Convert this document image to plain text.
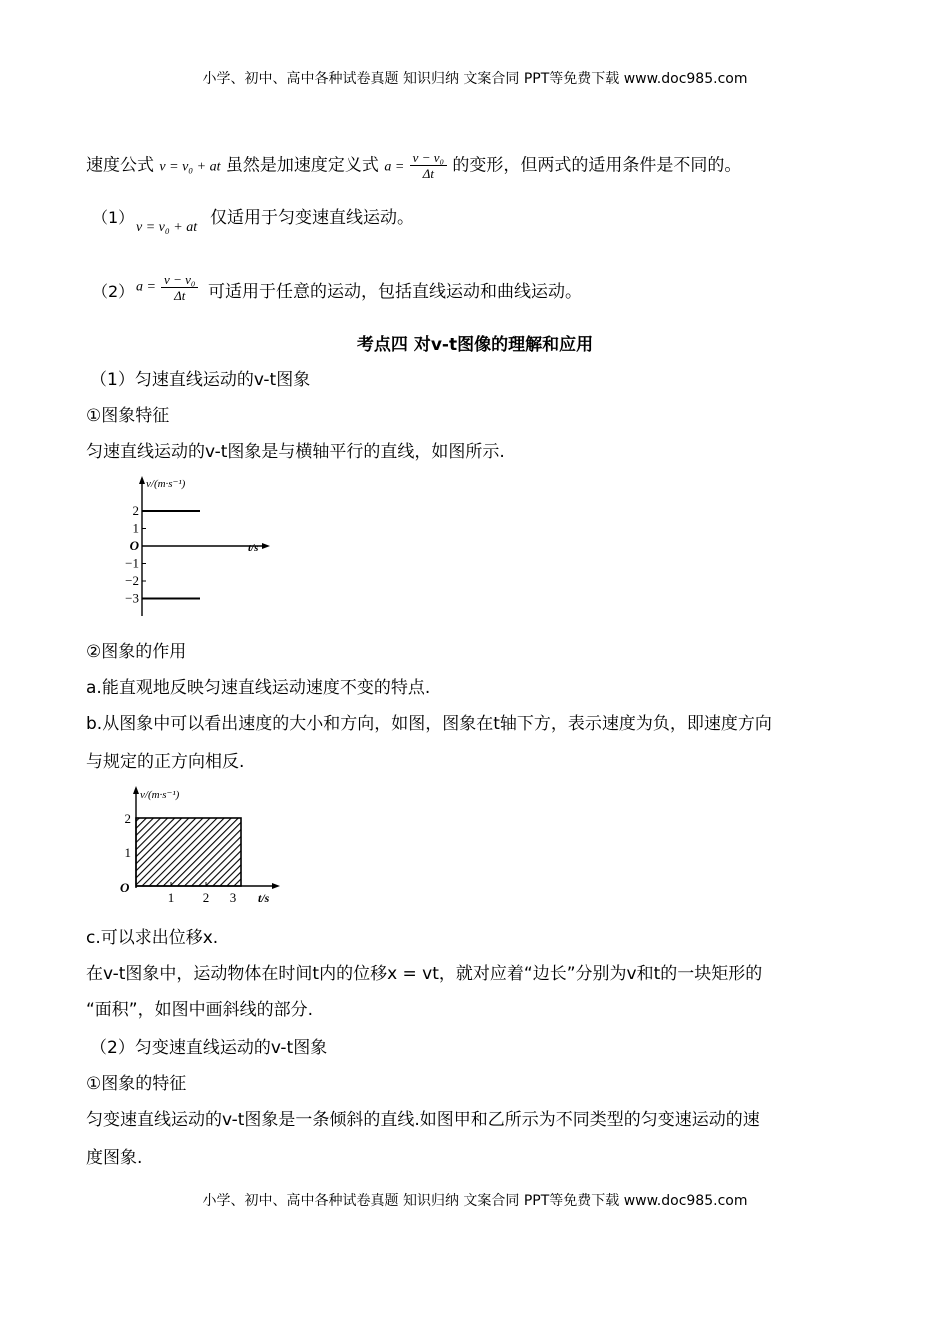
小学、初中、高中各种试卷真题 知识归纳 文案合同 PPT等免费下载 www.doc985.com
速度公式 v = v₀ + at 虽然是加速度定义式 $a = \frac{\text{v − v₀}}{\Delta t}$ 的变形，但两式的适用条件是不同的。
（1）
v = v₀ + at 仅适用于匀变速直线运动。
（2） $a = \frac{\text{v − v₀}}{\Delta t}$ 可适用于任意的运动，包括直线运动和曲线运动。
考点四 对v-t图像的理解和应用
（1）匀速直线运动的v-t图象
①图象特征
匀速直线运动的v-t图象是与横轴平行的直线，如图所示.
v/(m·s⁻¹)
t/s
2
1
O
−1
−2
−3
②图象的作用
a.能直观地反映匀速直线运动速度不变的特点.
b.从图象中可以看出速度的大小和方向，如图，图象在t轴下方，表示速度为负，即速度方向
与规定的正方向相反.
v/(m·s⁻¹)
t/s
O
2
1
1 2 3
c.可以求出位移x.
在v-t图象中，运动物体在时间t内的位移x = vt，就对应着“边长”分别为v和t的一块矩形的
“面积”，如图中画斜线的部分.
（2）匀变速直线运动的v-t图象
①图象的特征
匀变速直线运动的v-t图象是一条倾斜的直线.如图甲和乙所示为不同类型的匀变速运动的速
度图象.
小学、初中、高中各种试卷真题 知识归纳 文案合同 PPT等免费下载 www.doc985.com
